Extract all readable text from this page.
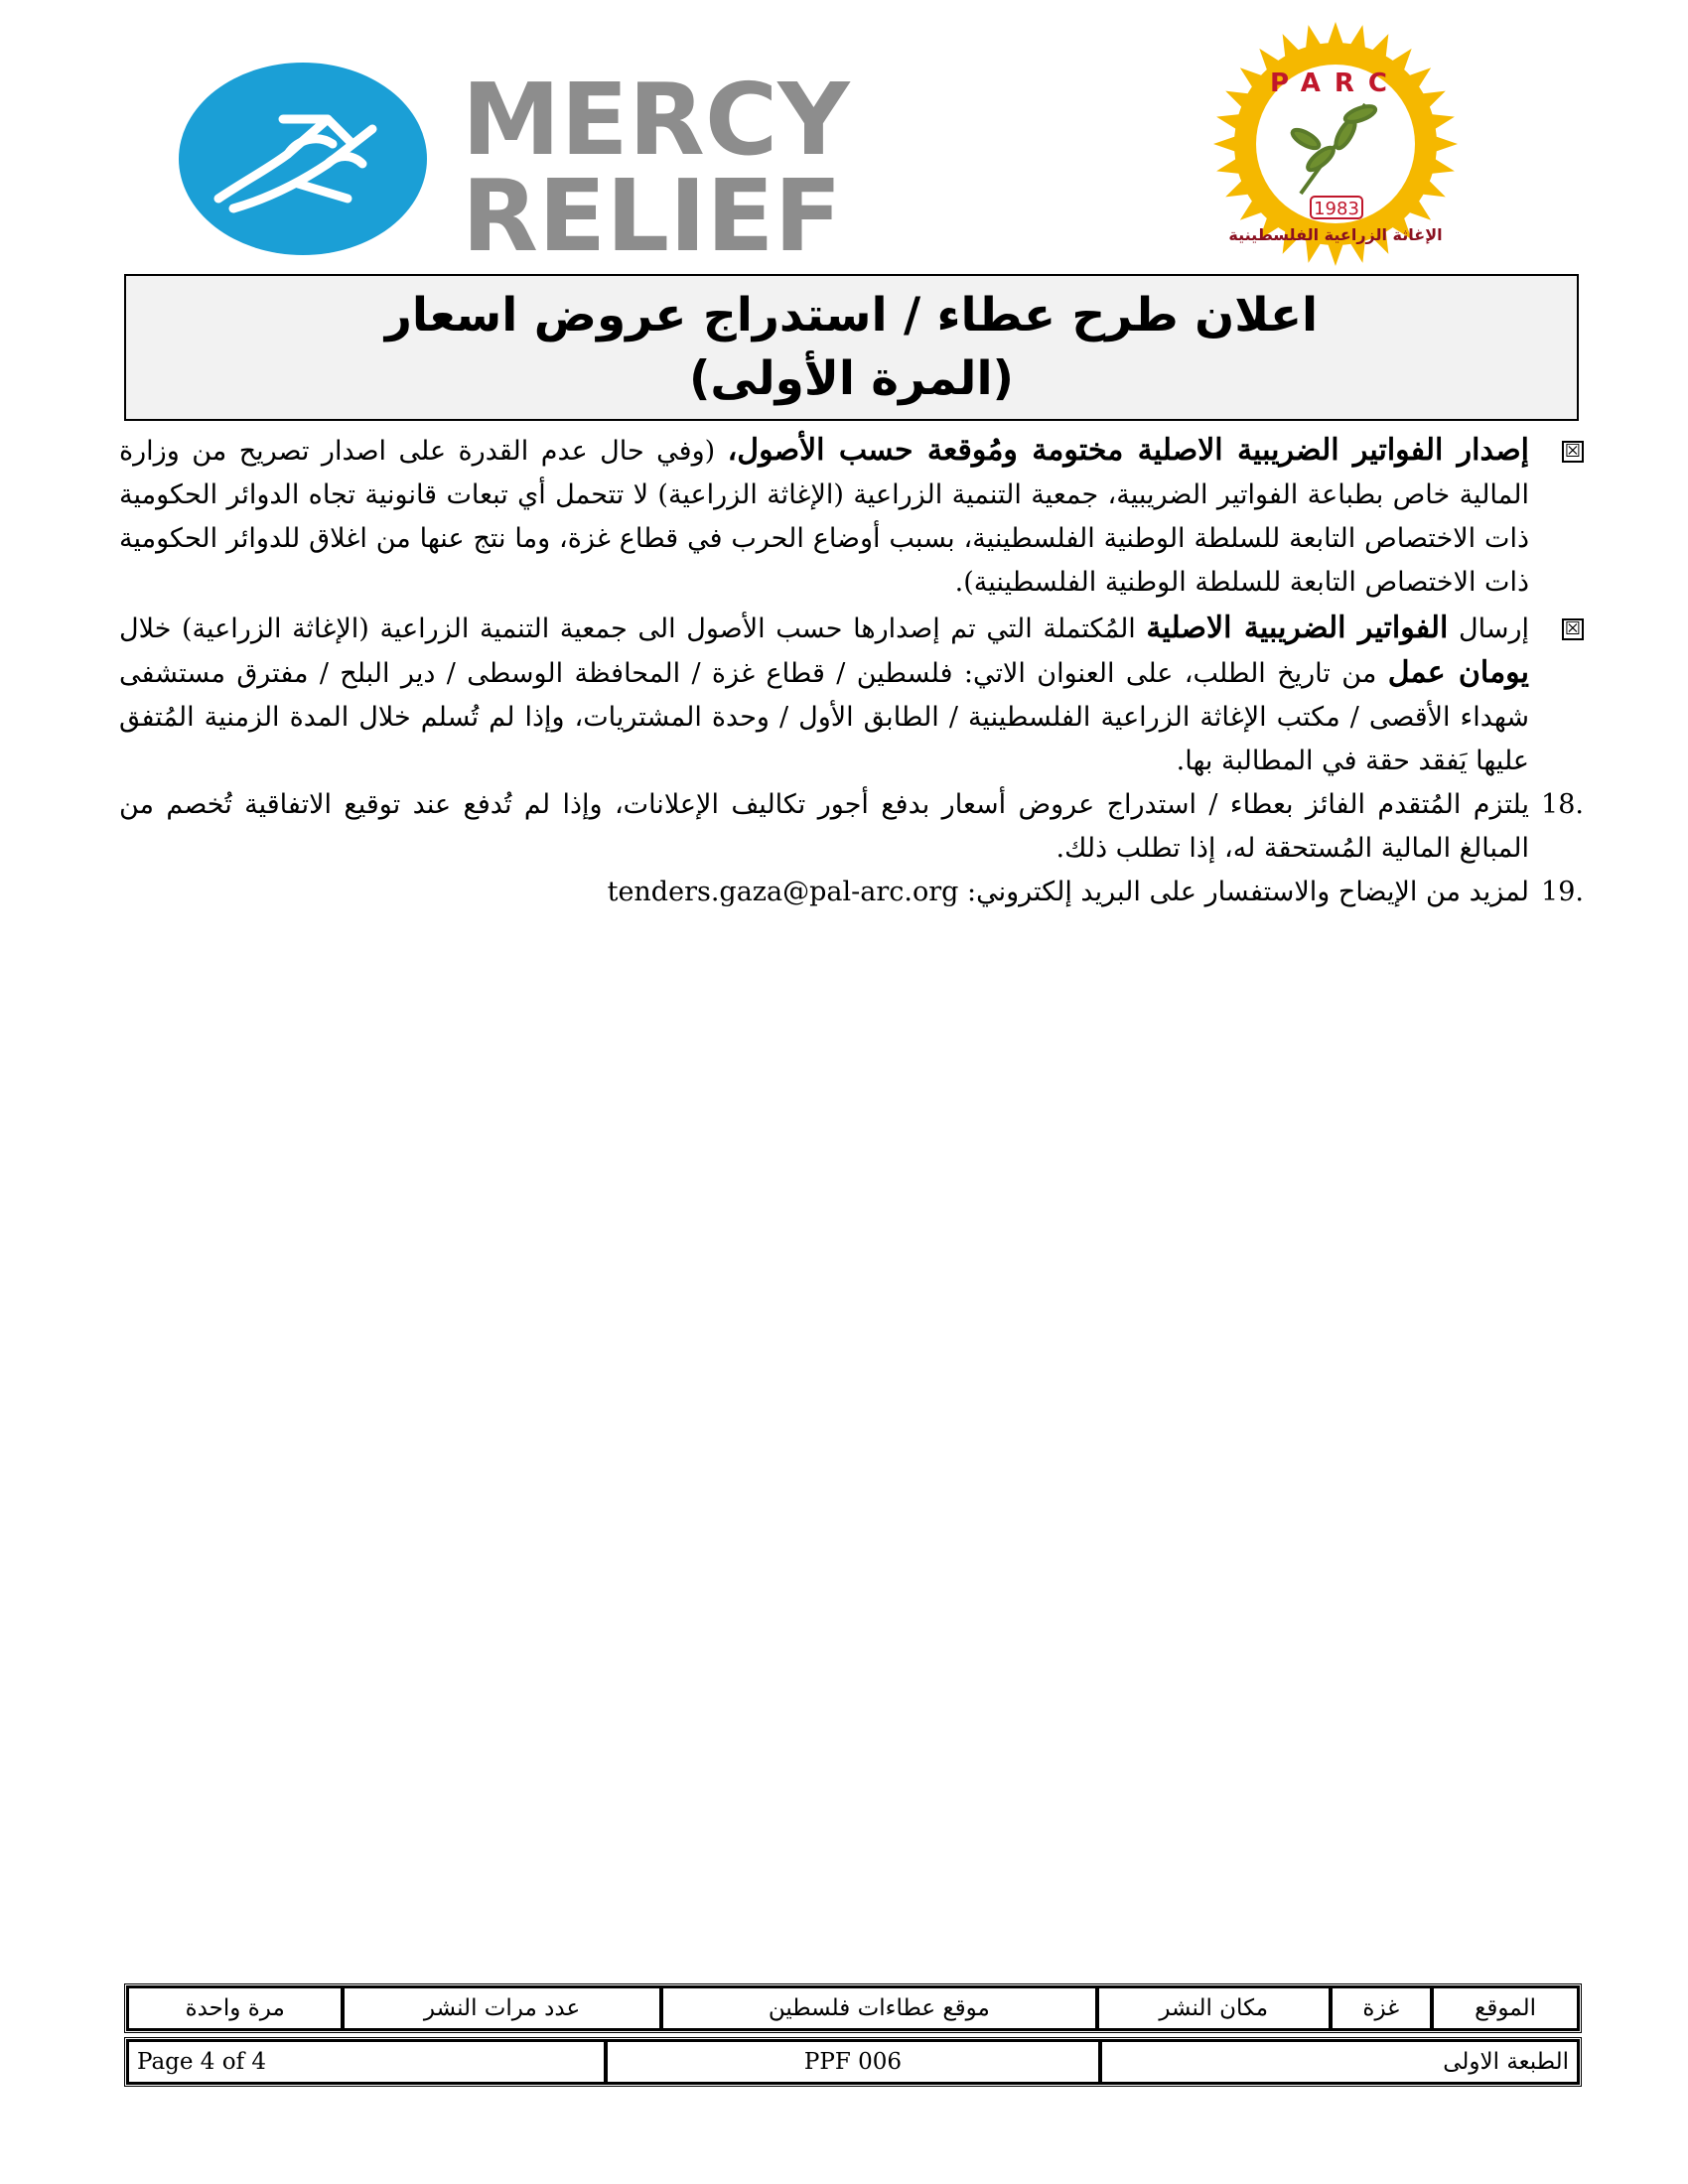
MERCY
RELIEF
PARC
1983
الإغاثة الزراعية الفلسطينية
اعلان طرح عطاء / استدراج عروض اسعار
(المرة الأولى)
☒
إصدار الفواتير الضريبية الاصلية مختومة ومُوقعة حسب الأصول، (وفي حال عدم القدرة على اصدار تصريح من وزارة المالية خاص بطباعة الفواتير الضريبية، جمعية التنمية الزراعية (الإغاثة الزراعية) لا تتحمل أي تبعات قانونية تجاه الدوائر الحكومية ذات الاختصاص التابعة للسلطة الوطنية الفلسطينية، بسبب أوضاع الحرب في قطاع غزة، وما نتج عنها من اغلاق للدوائر الحكومية ذات الاختصاص التابعة للسلطة الوطنية الفلسطينية).
☒
إرسال الفواتير الضريبية الاصلية المُكتملة التي تم إصدارها حسب الأصول الى جمعية التنمية الزراعية (الإغاثة الزراعية) خلال يومان عمل من تاريخ الطلب، على العنوان الاتي: فلسطين / قطاع غزة / المحافظة الوسطى / دير البلح / مفترق مستشفى شهداء الأقصى / مكتب الإغاثة الزراعية الفلسطينية / الطابق الأول / وحدة المشتريات، وإذا لم تُسلم خلال المدة الزمنية المُتفق عليها يَفقد حقة في المطالبة بها.
18.
يلتزم المُتقدم الفائز بعطاء / استدراج عروض أسعار بدفع أجور تكاليف الإعلانات، وإذا لم تُدفع عند توقيع الاتفاقية تُخصم من المبالغ المالية المُستحقة له، إذا تطلب ذلك.
19.
لمزيد من الإيضاح والاستفسار على البريد إلكتروني: tenders.gaza@pal-arc.org
الموقع	غزة	مكان النشر	موقع عطاءات فلسطين	عدد مرات النشر	مرة واحدة
Page 4 of 4	PPF 006	الطبعة الاولى
